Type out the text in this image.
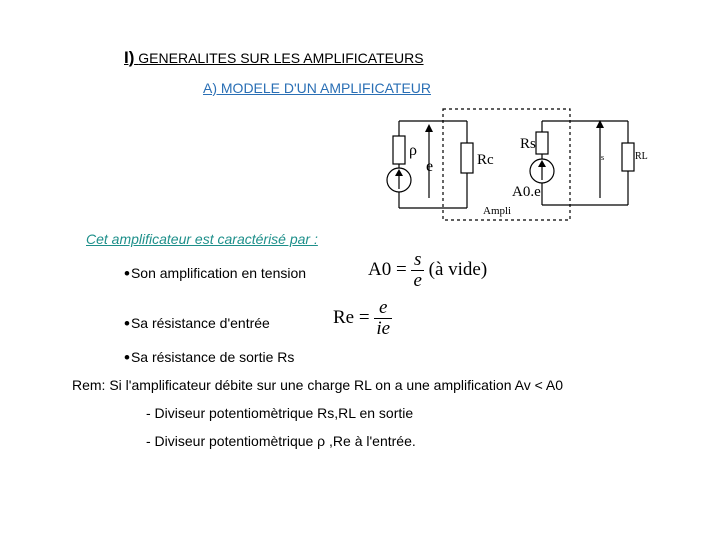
I) GENERALITES SUR LES AMPLIFICATEURS
A) MODELE D'UN AMPLIFICATEUR
ρ
e	Rc
Rs
s	RL
A0.e
Ampli
Cet amplificateur est caractérisé par :
•Son amplification en tension	$A0 = \frac{s}{e}$ (à vide)
•Sa résistance d'entrée	$Re = \frac{e}{ie}$
•Sa résistance de sortie Rs
Rem: Si l'amplificateur débite sur une charge RL on a une amplification Av < A0
- Diviseur potentiomètrique Rs,RL en sortie
- Diviseur potentiomètrique ρ ,Re à l'entrée.
